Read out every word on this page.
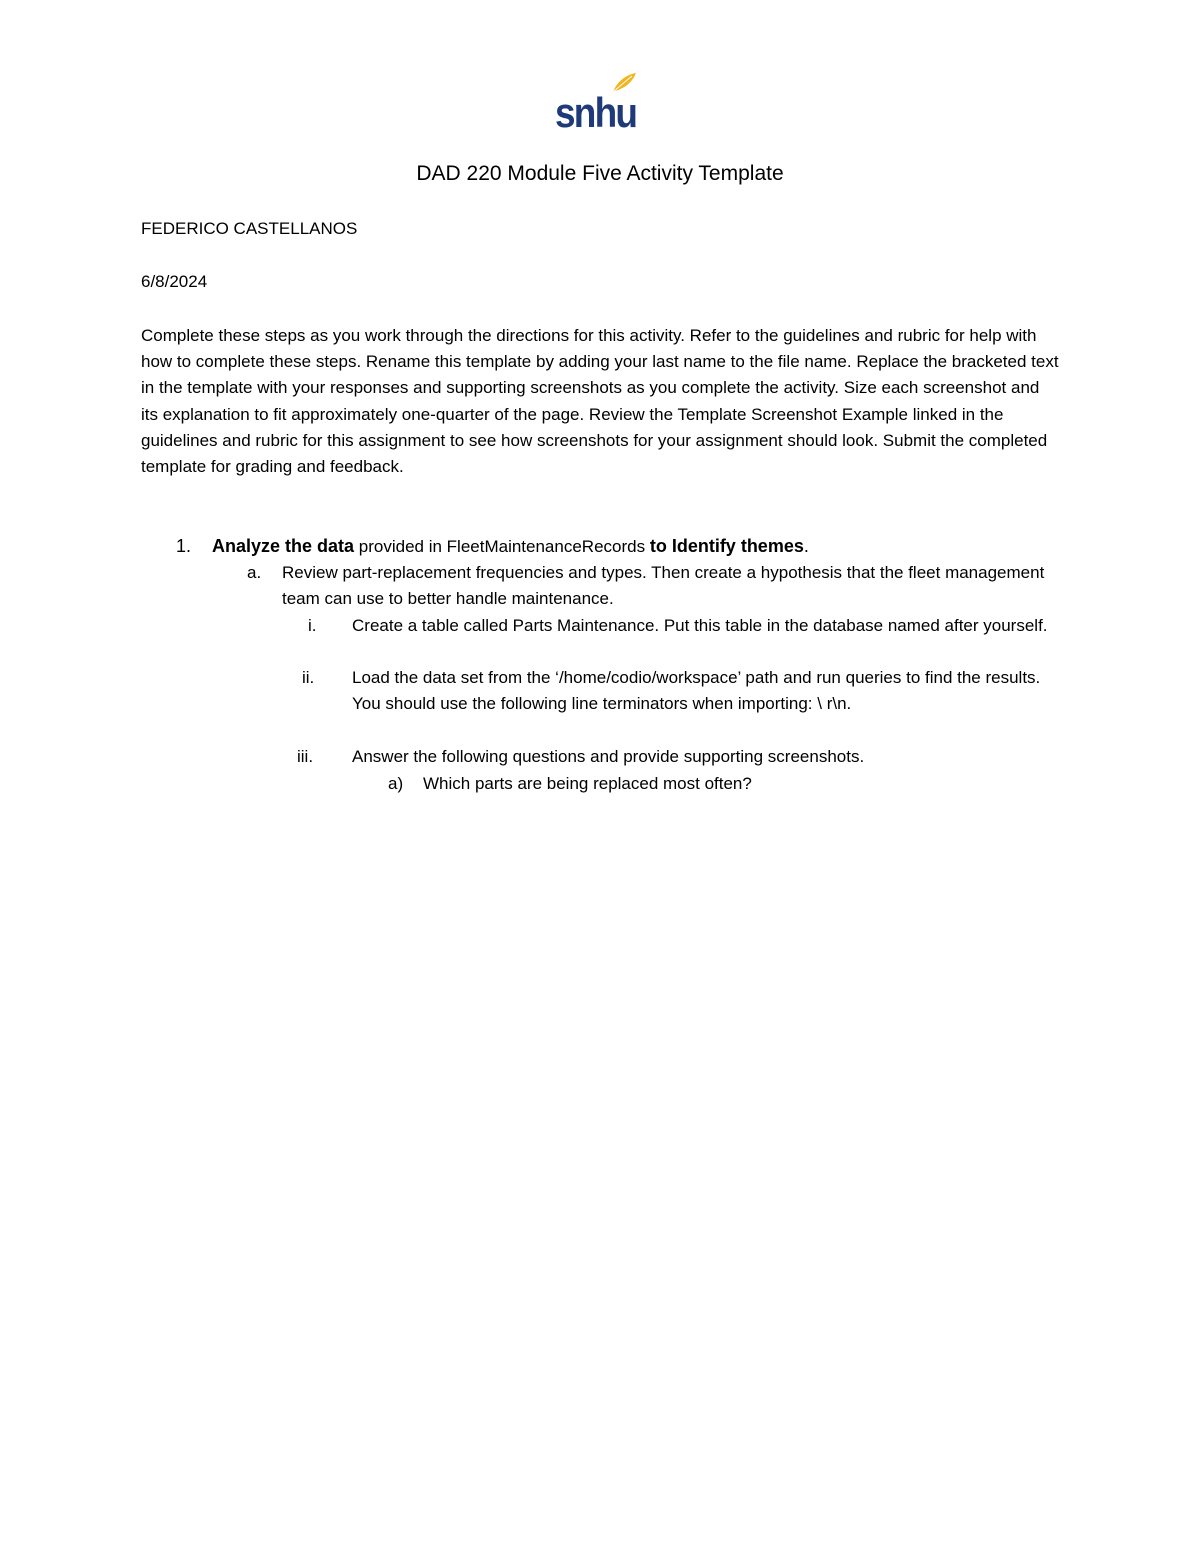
snhu
DAD 220 Module Five Activity Template
FEDERICO CASTELLANOS
6/8/2024
Complete these steps as you work through the directions for this activity. Refer to the guidelines and rubric for help with how to complete these steps. Rename this template by adding your last name to the file name. Replace the bracketed text in the template with your responses and supporting screenshots as you complete the activity. Size each screenshot and its explanation to fit approximately one-quarter of the page. Review the Template Screenshot Example linked in the guidelines and rubric for this assignment to see how screenshots for your assignment should look. Submit the completed template for grading and feedback.
1. Analyze the data provided in FleetMaintenanceRecords to Identify themes.
a. Review part-replacement frequencies and types. Then create a hypothesis that the fleet management team can use to better handle maintenance.
i. Create a table called Parts Maintenance. Put this table in the database named after yourself.
ii. Load the data set from the ‘/home/codio/workspace’ path and run queries to find the results. You should use the following line terminators when importing: \ r\n.
iii. Answer the following questions and provide supporting screenshots.
a) Which parts are being replaced most often?
